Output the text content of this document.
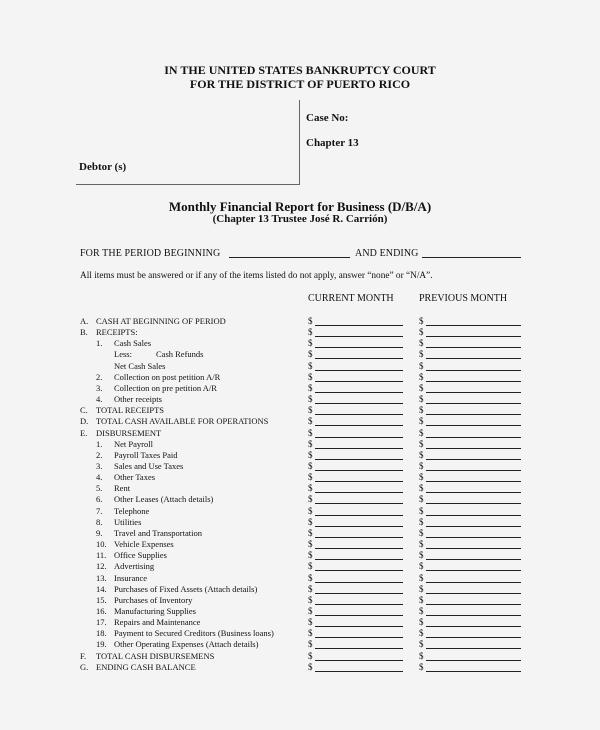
IN THE UNITED STATES BANKRUPTCY COURT
FOR THE DISTRICT OF PUERTO RICO
Case No:
Chapter 13
Debtor (s)
Monthly Financial Report for Business (D/B/A)
(Chapter 13 Trustee José R. Carrión)
FOR THE PERIOD BEGINNING	AND ENDING
All items must be answered or if any of the items listed do not apply, answer “none” or “N/A”.
CURRENT MONTH	PREVIOUS MONTH
A. CASH AT BEGINNING OF PERIOD	$	$
B. RECEIPTS:	$	$
1. Cash Sales	$	$
Less:	Cash Refunds	$	$
Net Cash Sales	$	$
2. Collection on post petition A/R	$	$
3. Collection on pre petition A/R	$	$
4. Other receipts	$	$
C. TOTAL RECEIPTS	$	$
D. TOTAL CASH AVAILABLE FOR OPERATIONS	$	$
E. DISBURSEMENT	$	$
1. Net Payroll	$	$
2. Payroll Taxes Paid	$	$
3. Sales and Use Taxes	$	$
4. Other Taxes	$	$
5. Rent	$	$
6. Other Leases (Attach details)	$	$
7. Telephone	$	$
8. Utilities	$	$
9. Travel and Transportation	$	$
10. Vehicle Expenses	$	$
11. Office Supplies	$	$
12. Advertising	$	$
13. Insurance	$	$
14. Purchases of Fixed Assets (Attach details)	$	$
15. Purchases of Inventory	$	$
16. Manufacturing Supplies	$	$
17. Repairs and Maintenance	$	$
18. Payment to Secured Creditors (Business loans)	$	$
19. Other Operating Expenses (Attach details)	$	$
F. TOTAL CASH DISBURSEMENS	$	$
G. ENDING CASH BALANCE	$	$
